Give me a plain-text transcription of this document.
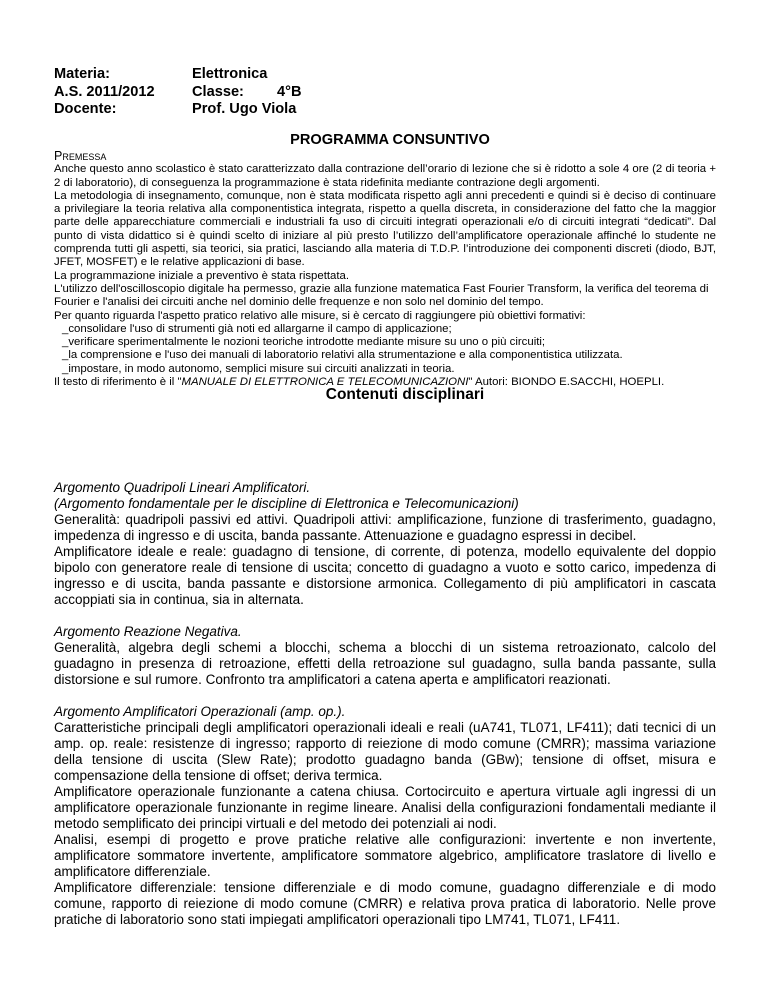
Materia:	Elettronica
A.S. 2011/2012	Classe:	4°B
Docente:	Prof. Ugo Viola
PROGRAMMA CONSUNTIVO
Premessa
Anche questo anno scolastico è stato caratterizzato dalla contrazione dell’orario di lezione che si è ridotto a sole 4 ore (2 di teoria + 2 di laboratorio), di conseguenza la programmazione è stata ridefinita mediante contrazione degli argomenti.
La metodologia di insegnamento, comunque, non è stata modificata rispetto agli anni precedenti e quindi si è deciso di continuare a privilegiare la teoria relativa alla componentistica integrata, rispetto a quella discreta, in considerazione del fatto che la maggior parte delle apparecchiature commerciali e industriali fa uso di circuiti integrati operazionali e/o di circuiti integrati “dedicati”. Dal punto di vista didattico si è quindi scelto di iniziare al più presto l’utilizzo dell’amplificatore operazionale affinché lo studente ne comprenda tutti gli aspetti, sia teorici, sia pratici, lasciando alla materia di T.D.P. l’introduzione dei componenti discreti (diodo, BJT, JFET, MOSFET) e le relative applicazioni di base.
La programmazione iniziale a preventivo è stata rispettata.
L'utilizzo dell'oscilloscopio digitale ha permesso, grazie alla funzione matematica Fast Fourier Transform, la verifica del teorema di Fourier e l'analisi dei circuiti anche nel dominio delle frequenze e non solo nel dominio del tempo.
Per quanto riguarda l'aspetto pratico relativo alle misure, si è cercato di raggiungere più obiettivi formativi:
_consolidare l'uso di strumenti già noti ed allargarne il campo di applicazione;
_verificare sperimentalmente le nozioni teoriche introdotte mediante misure su uno o più circuiti;
_la comprensione e l'uso dei manuali di laboratorio relativi alla strumentazione e alla componentistica utilizzata.
_impostare, in modo autonomo, semplici misure sui circuiti analizzati in teoria.
Il testo di riferimento è il "MANUALE DI ELETTRONICA E TELECOMUNICAZIONI" Autori: BIONDO E.SACCHI, HOEPLI.
Contenuti disciplinari

Argomento Quadripoli Lineari Amplificatori.

(Argomento fondamentale per le discipline di Elettronica e Telecomunicazioni)

Generalità: quadripoli passivi ed attivi. Quadripoli attivi: amplificazione, funzione di trasferimento, guadagno, impedenza di ingresso e di uscita, banda passante. Attenuazione e guadagno espressi in decibel.

Amplificatore ideale e reale: guadagno di tensione, di corrente, di potenza, modello equivalente del doppio bipolo con generatore reale di tensione di uscita; concetto di guadagno a vuoto e sotto carico, impedenza di ingresso e di uscita, banda passante e distorsione armonica. Collegamento di più amplificatori in cascata accoppiati sia in continua, sia in alternata.

Argomento Reazione Negativa.

Generalità, algebra degli schemi a blocchi, schema a blocchi di un sistema retroazionato, calcolo del guadagno in presenza di retroazione, effetti della retroazione sul guadagno, sulla banda passante, sulla distorsione e sul rumore. Confronto tra amplificatori a catena aperta e amplificatori reazionati.

Argomento Amplificatori Operazionali (amp. op.).

Caratteristiche principali degli amplificatori operazionali ideali e reali (uA741, TL071, LF411); dati tecnici di un amp. op. reale: resistenze di ingresso; rapporto di reiezione di modo comune (CMRR); massima variazione della tensione di uscita (Slew Rate); prodotto guadagno banda (GBw); tensione di offset, misura e compensazione della tensione di offset; deriva termica.

Amplificatore operazionale funzionante a catena chiusa. Cortocircuito e apertura virtuale agli ingressi di un amplificatore operazionale funzionante in regime lineare. Analisi della configurazioni fondamentali mediante il metodo semplificato dei principi virtuali e del metodo dei potenziali ai nodi.

Analisi, esempi di progetto e prove pratiche relative alle configurazioni: invertente e non invertente, amplificatore sommatore invertente, amplificatore sommatore algebrico, amplificatore traslatore di livello e amplificatore differenziale.

Amplificatore differenziale: tensione differenziale e di modo comune, guadagno differenziale e di modo comune, rapporto di reiezione di modo comune (CMRR) e relativa prova pratica di laboratorio. Nelle prove pratiche di laboratorio sono stati impiegati amplificatori operazionali tipo LM741, TL071, LF411.
